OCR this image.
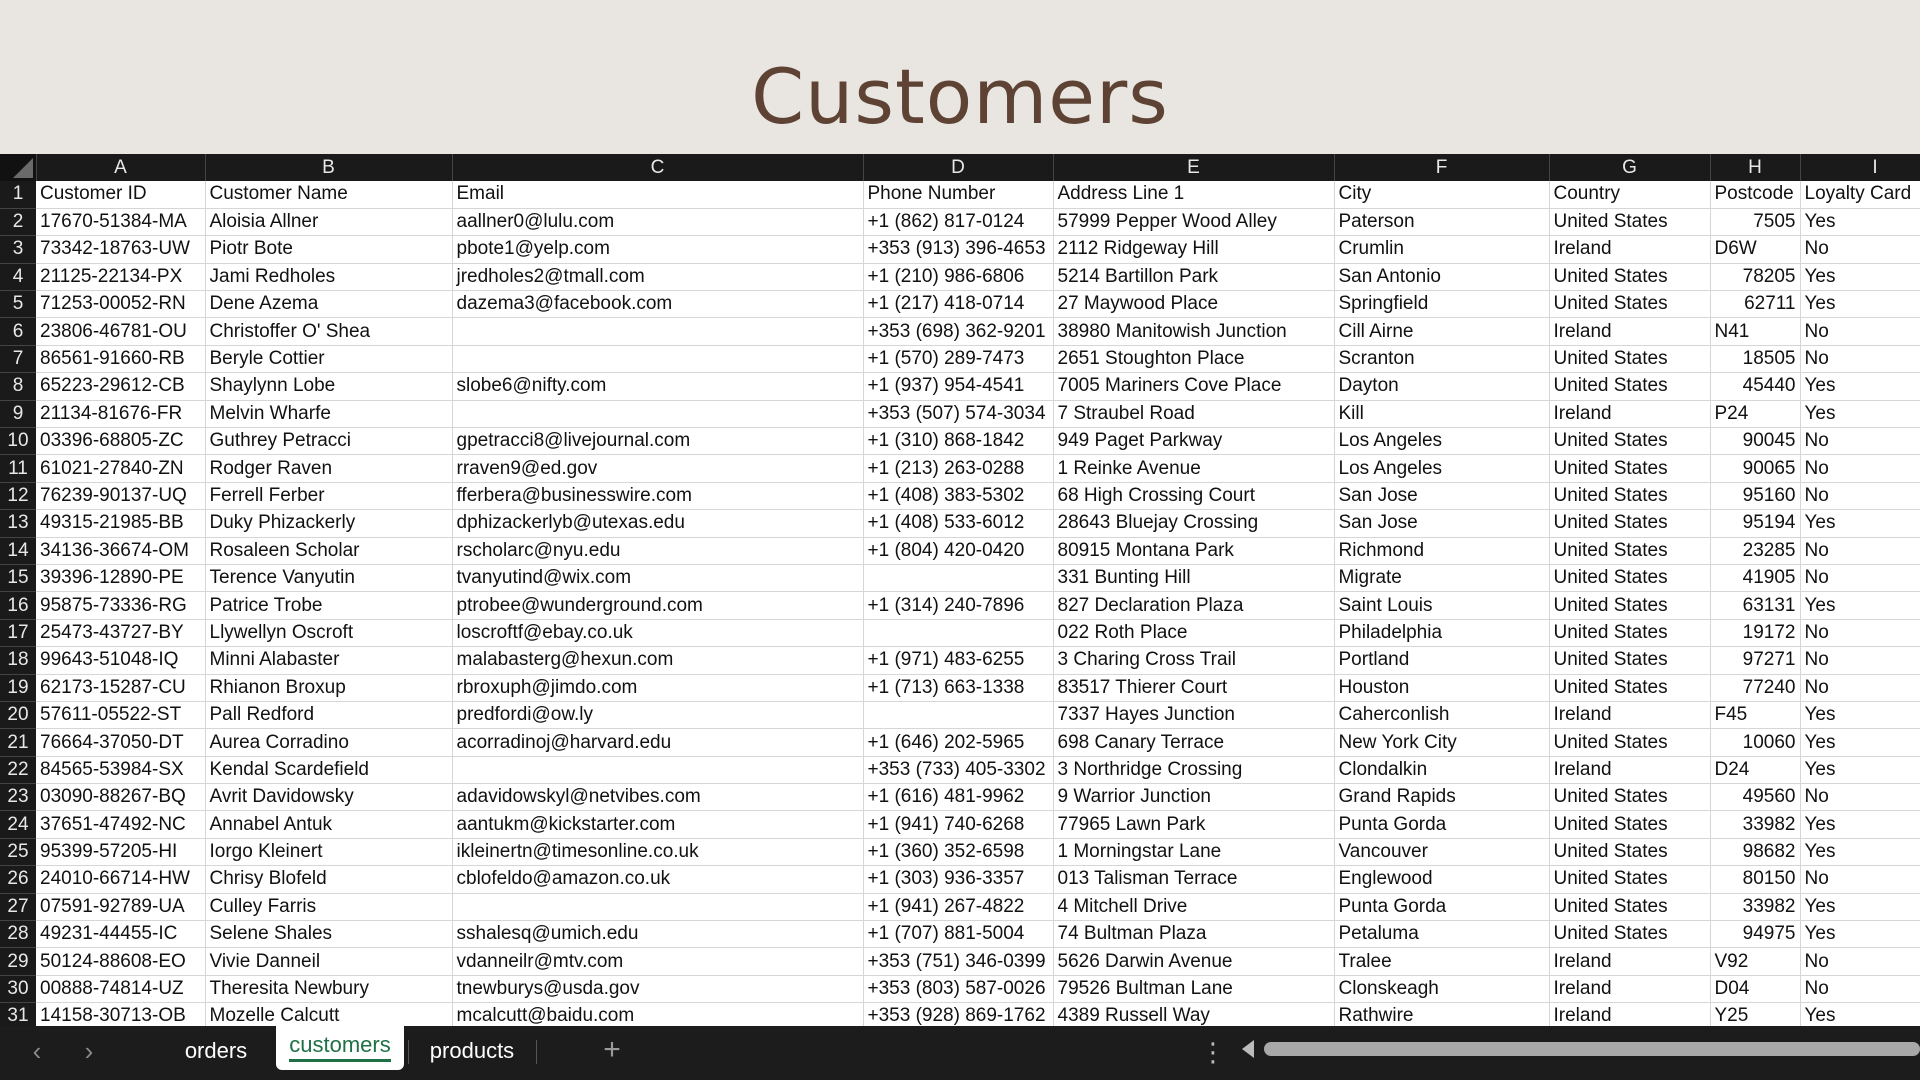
Customers
	A	B	C	D	E	F	G	H	I	
1	Customer ID	Customer Name	Email	Phone Number	Address Line 1	City	Country	Postcode	Loyalty Card	
2	17670-51384-MA	Aloisia Allner	aallner0@lulu.com	+1 (862) 817-0124	57999 Pepper Wood Alley	Paterson	United States	7505	Yes	
3	73342-18763-UW	Piotr Bote	pbote1@yelp.com	+353 (913) 396-4653	2112 Ridgeway Hill	Crumlin	Ireland	D6W	No	
4	21125-22134-PX	Jami Redholes	jredholes2@tmall.com	+1 (210) 986-6806	5214 Bartillon Park	San Antonio	United States	78205	Yes	
5	71253-00052-RN	Dene Azema	dazema3@facebook.com	+1 (217) 418-0714	27 Maywood Place	Springfield	United States	62711	Yes	
6	23806-46781-OU	Christoffer O' Shea		+353 (698) 362-9201	38980 Manitowish Junction	Cill Airne	Ireland	N41	No	
7	86561-91660-RB	Beryle Cottier		+1 (570) 289-7473	2651 Stoughton Place	Scranton	United States	18505	No	
8	65223-29612-CB	Shaylynn Lobe	slobe6@nifty.com	+1 (937) 954-4541	7005 Mariners Cove Place	Dayton	United States	45440	Yes	
9	21134-81676-FR	Melvin Wharfe		+353 (507) 574-3034	7 Straubel Road	Kill	Ireland	P24	Yes	
10	03396-68805-ZC	Guthrey Petracci	gpetracci8@livejournal.com	+1 (310) 868-1842	949 Paget Parkway	Los Angeles	United States	90045	No	
11	61021-27840-ZN	Rodger Raven	rraven9@ed.gov	+1 (213) 263-0288	1 Reinke Avenue	Los Angeles	United States	90065	No	
12	76239-90137-UQ	Ferrell Ferber	fferbera@businesswire.com	+1 (408) 383-5302	68 High Crossing Court	San Jose	United States	95160	No	
13	49315-21985-BB	Duky Phizackerly	dphizackerlyb@utexas.edu	+1 (408) 533-6012	28643 Bluejay Crossing	San Jose	United States	95194	Yes	
14	34136-36674-OM	Rosaleen Scholar	rscholarc@nyu.edu	+1 (804) 420-0420	80915 Montana Park	Richmond	United States	23285	No	
15	39396-12890-PE	Terence Vanyutin	tvanyutind@wix.com		331 Bunting Hill	Migrate	United States	41905	No	
16	95875-73336-RG	Patrice Trobe	ptrobee@wunderground.com	+1 (314) 240-7896	827 Declaration Plaza	Saint Louis	United States	63131	Yes	
17	25473-43727-BY	Llywellyn Oscroft	loscroftf@ebay.co.uk		022 Roth Place	Philadelphia	United States	19172	No	
18	99643-51048-IQ	Minni Alabaster	malabasterg@hexun.com	+1 (971) 483-6255	3 Charing Cross Trail	Portland	United States	97271	No	
19	62173-15287-CU	Rhianon Broxup	rbroxuph@jimdo.com	+1 (713) 663-1338	83517 Thierer Court	Houston	United States	77240	No	
20	57611-05522-ST	Pall Redford	predfordi@ow.ly		7337 Hayes Junction	Caherconlish	Ireland	F45	Yes	
21	76664-37050-DT	Aurea Corradino	acorradinoj@harvard.edu	+1 (646) 202-5965	698 Canary Terrace	New York City	United States	10060	Yes	
22	84565-53984-SX	Kendal Scardefield		+353 (733) 405-3302	3 Northridge Crossing	Clondalkin	Ireland	D24	Yes	
23	03090-88267-BQ	Avrit Davidowsky	adavidowskyl@netvibes.com	+1 (616) 481-9962	9 Warrior Junction	Grand Rapids	United States	49560	No	
24	37651-47492-NC	Annabel Antuk	aantukm@kickstarter.com	+1 (941) 740-6268	77965 Lawn Park	Punta Gorda	United States	33982	Yes	
25	95399-57205-HI	Iorgo Kleinert	ikleinertn@timesonline.co.uk	+1 (360) 352-6598	1 Morningstar Lane	Vancouver	United States	98682	Yes	
26	24010-66714-HW	Chrisy Blofeld	cblofeldo@amazon.co.uk	+1 (303) 936-3357	013 Talisman Terrace	Englewood	United States	80150	No	
27	07591-92789-UA	Culley Farris		+1 (941) 267-4822	4 Mitchell Drive	Punta Gorda	United States	33982	Yes	
28	49231-44455-IC	Selene Shales	sshalesq@umich.edu	+1 (707) 881-5004	74 Bultman Plaza	Petaluma	United States	94975	Yes	
29	50124-88608-EO	Vivie Danneil	vdanneilr@mtv.com	+353 (751) 346-0399	5626 Darwin Avenue	Tralee	Ireland	V92	No	
30	00888-74814-UZ	Theresita Newbury	tnewburys@usda.gov	+353 (803) 587-0026	79526 Bultman Lane	Clonskeagh	Ireland	D04	No	
31	14158-30713-OB	Mozelle Calcutt	mcalcutt@baidu.com	+353 (928) 869-1762	4389 Russell Way	Rathwire	Ireland	Y25	Yes	
‹	›	orders	customers	products	+	⋮
